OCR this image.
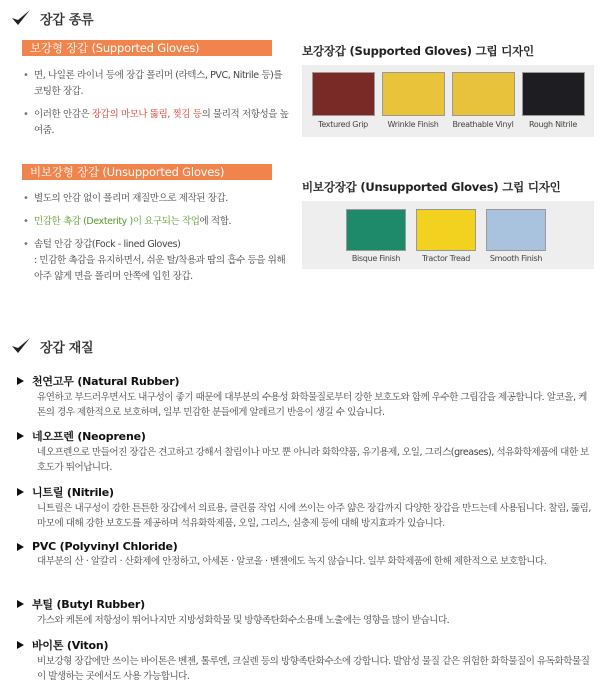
장갑 종류
보강형 장갑 (Supported Gloves)
• 면, 나일론 라이너 등에 장갑 폴리머 (라텍스, PVC, Nitrile 등)를 코팅한 장갑.
• 이러한 안감은 장갑의 마모나 뚫림, 찢김 등의 물리적 저항성을 높여줌.
비보강형 장갑 (Unsupported Gloves)
• 별도의 안감 없이 폴리머 재질만으로 제작된 장갑.
• 민감한 촉감 (Dexterity )이 요구되는 작업에 적합.
• 솜털 안감 장갑(Fock - lined Gloves)
: 민감한 촉감을 유지하면서, 쉬운 탈/착용과 땀의 흡수 등을 위해 아주 얇게 면을 폴리머 안쪽에 입힌 장갑.
보강장갑 (Supported Gloves) 그립 디자인
Textured Grip	Wrinkle Finish	Breathable Vinyl	Rough Nitrile
비보강장갑 (Unsupported Gloves) 그립 디자인
Bisque Finish	Tractor Tread	Smooth Finish
장갑 재질
천연고무 (Natural Rubber)
유연하고 부드러우면서도 내구성이 좋기 때문에 대부분의 수용성 화학물질로부터 강한 보호도와 함께 우수한 그립감을 제공합니다. 알코올, 케톤의 경우 제한적으로 보호하며, 일부 민감한 분들에게 알레르기 반응이 생길 수 있습니다.
네오프렌 (Neoprene)
네오프렌으로 만들어진 장갑은 견고하고 강해서 찰림이나 마모 뿐 아니라 화학약품, 유기용제, 오일, 그리스(greases), 석유화학제품에 대한 보호도가 뛰어납니다.
니트릴 (Nitrile)
니트릴은 내구성이 강한 튼튼한 장갑에서 의료용, 클린룸 작업 시에 쓰이는 아주 얇은 장갑까지 다양한 장갑을 만드는데 사용됩니다. 찰림, 뚫림, 마모에 대해 강한 보호도를 제공하며 석유화학제품, 오일, 그리스, 실충제 등에 대해 방지효과가 있습니다.
PVC (Polyvinyl Chloride)
대부분의 산 · 알칼리 · 산화제에 안정하고, 아세톤 · 알코올 · 벤젠에도 녹지 않습니다. 일부 화학제품에 한해 제한적으로 보호합니다.
부틸 (Butyl Rubber)
가스와 케톤에 저항성이 뛰어나지만 지방성화학물 및 방향족탄화수소용매 노출에는 영향을 많이 받습니다.
바이톤 (Viton)
비보강형 장갑에만 쓰이는 바이톤은 벤젠, 톨루엔, 크실렌 등의 방향족탄화수소에 강합니다. 발암성 물질 같은 위험한 화학물질이 유독화학물질이 발생하는 곳에서도 사용 가능합니다.
